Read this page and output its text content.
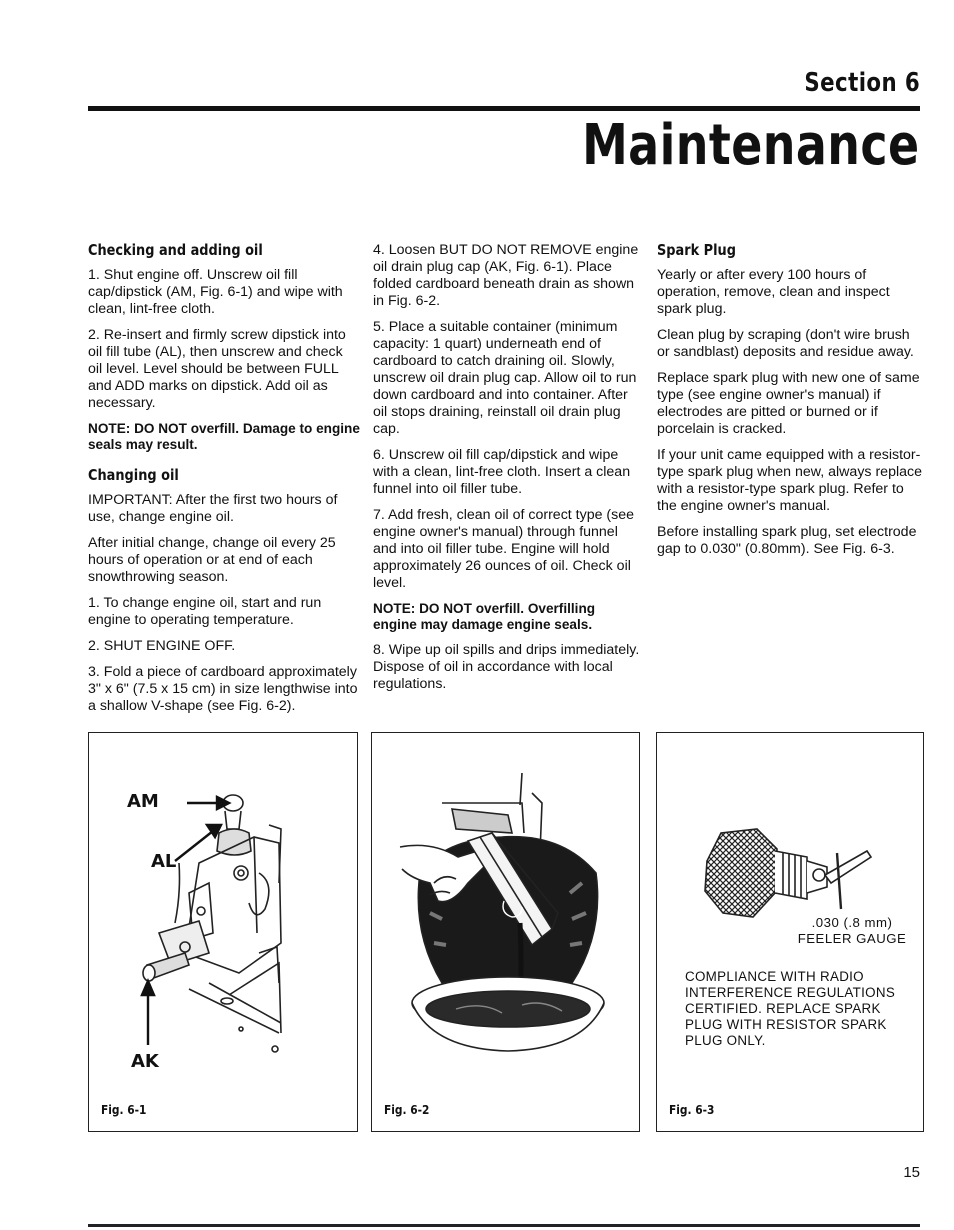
Section 6
Maintenance
Checking and adding oil

1. Shut engine off. Unscrew oil fill cap/dipstick (AM, Fig. 6-1) and wipe with clean, lint-free cloth.

2. Re-insert and firmly screw dipstick into oil fill tube (AL), then unscrew and check oil level. Level should be between FULL and ADD marks on dipstick. Add oil as necessary.

NOTE: DO NOT overfill. Damage to engine seals may result.

Changing oil

IMPORTANT: After the first two hours of use, change engine oil.

After initial change, change oil every 25 hours of operation or at end of each snowthrowing season.

1. To change engine oil, start and run engine to operating temperature.

2. SHUT ENGINE OFF.

3. Fold a piece of cardboard approximately 3" x 6" (7.5 x 15 cm) in size lengthwise into a shallow V-shape (see Fig. 6-2).

4. Loosen BUT DO NOT REMOVE engine oil drain plug cap (AK, Fig. 6-1). Place folded cardboard beneath drain as shown in Fig. 6-2.

5. Place a suitable container (minimum capacity: 1 quart) underneath end of cardboard to catch draining oil. Slowly, unscrew oil drain plug cap. Allow oil to run down cardboard and into container. After oil stops draining, reinstall oil drain plug cap.

6. Unscrew oil fill cap/dipstick and wipe with a clean, lint-free cloth. Insert a clean funnel into oil filler tube.

7. Add fresh, clean oil of correct type (see engine owner's manual) through funnel and into oil filler tube. Engine will hold approximately 26 ounces of oil. Check oil level.

NOTE: DO NOT overfill. Overfilling engine may damage engine seals.

8. Wipe up oil spills and drips immediately. Dispose of oil in accordance with local regulations.

Spark Plug

Yearly or after every 100 hours of operation, remove, clean and inspect spark plug.

Clean plug by scraping (don't wire brush or sandblast) deposits and residue away.

Replace spark plug with new one of same type (see engine owner's manual) if electrodes are pitted or burned or if porcelain is cracked.

If your unit came equipped with a resistor-type spark plug when new, always replace with a resistor-type spark plug. Refer to the engine owner's manual.

Before installing spark plug, set electrode gap to 0.030" (0.80mm). See Fig. 6-3.

AM
AL
AK
Fig. 6-1	Fig. 6-2
.030 (.8 mm)
FEELER GAUGE
COMPLIANCE WITH RADIO INTERFERENCE REGULATIONS CERTIFIED. REPLACE SPARK PLUG WITH RESISTOR SPARK PLUG ONLY.
Fig. 6-3
15
